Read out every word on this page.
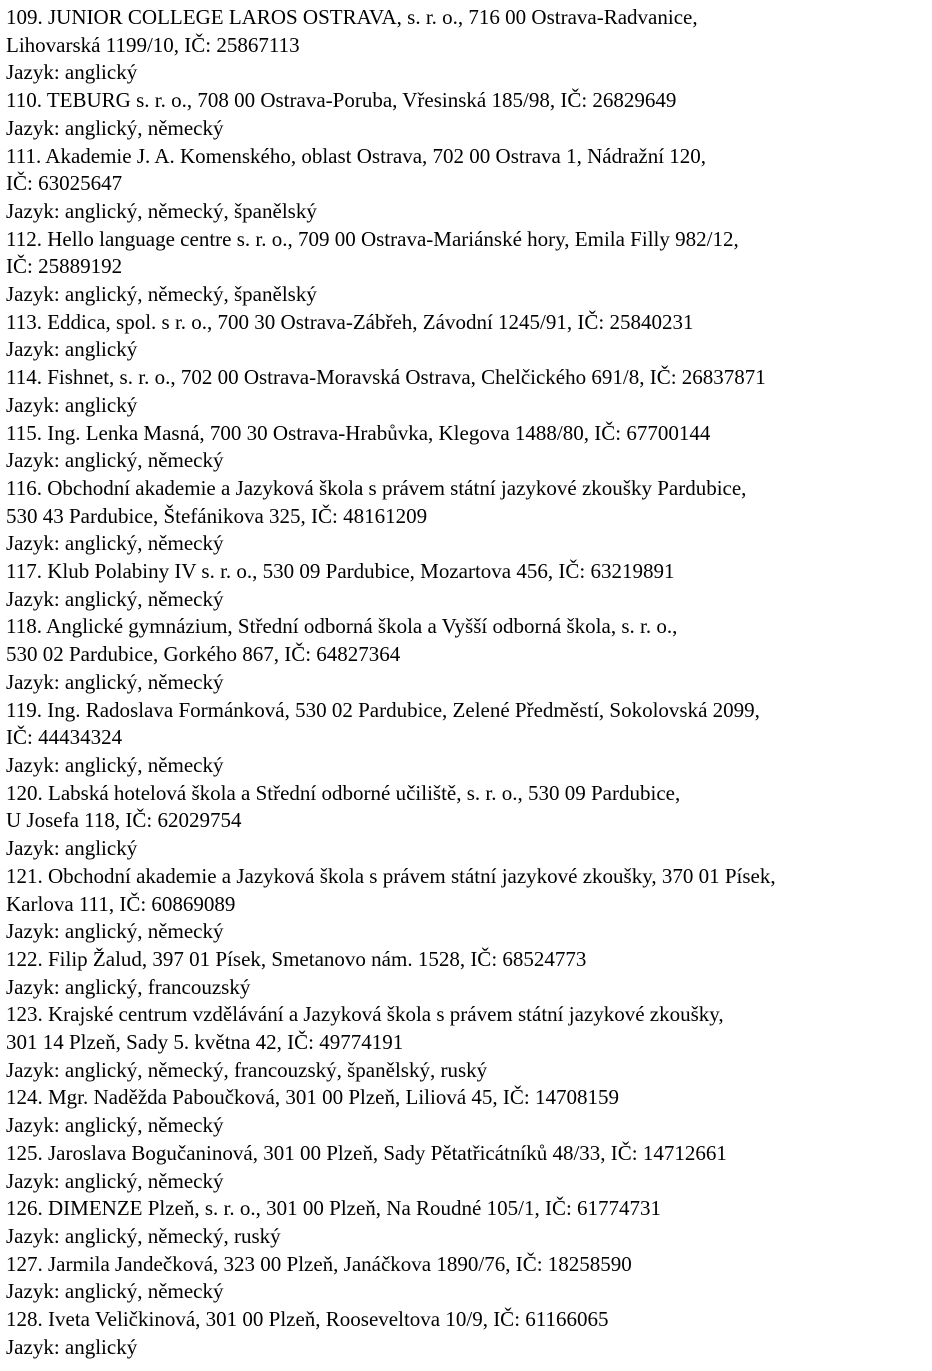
109. JUNIOR COLLEGE LAROS OSTRAVA, s. r. o., 716 00 Ostrava-Radvanice,
Lihovarská 1199/10, IČ: 25867113
Jazyk: anglický
110. TEBURG s. r. o., 708 00 Ostrava-Poruba, Vřesinská 185/98, IČ: 26829649
Jazyk: anglický, německý
111. Akademie J. A. Komenského, oblast Ostrava, 702 00 Ostrava 1, Nádražní 120,
IČ: 63025647
Jazyk: anglický, německý, španělský
112. Hello language centre s. r. o., 709 00 Ostrava-Mariánské hory, Emila Filly 982/12,
IČ: 25889192
Jazyk: anglický, německý, španělský
113. Eddica, spol. s r. o., 700 30 Ostrava-Zábřeh, Závodní 1245/91, IČ: 25840231
Jazyk: anglický
114. Fishnet, s. r. o., 702 00 Ostrava-Moravská Ostrava, Chelčického 691/8, IČ: 26837871
Jazyk: anglický
115. Ing. Lenka Masná, 700 30 Ostrava-Hrabůvka, Klegova 1488/80, IČ: 67700144
Jazyk: anglický, německý
116. Obchodní akademie a Jazyková škola s právem státní jazykové zkoušky Pardubice,
530 43 Pardubice, Štefánikova 325, IČ: 48161209
Jazyk: anglický, německý
117. Klub Polabiny IV s. r. o., 530 09 Pardubice, Mozartova 456, IČ: 63219891
Jazyk: anglický, německý
118. Anglické gymnázium, Střední odborná škola a Vyšší odborná škola, s. r. o.,
530 02 Pardubice, Gorkého 867, IČ: 64827364
Jazyk: anglický, německý
119. Ing. Radoslava Formánková, 530 02 Pardubice, Zelené Předměstí, Sokolovská 2099,
IČ: 44434324
Jazyk: anglický, německý
120. Labská hotelová škola a Střední odborné učiliště, s. r. o., 530 09 Pardubice,
U Josefa 118, IČ: 62029754
Jazyk: anglický
121. Obchodní akademie a Jazyková škola s právem státní jazykové zkoušky, 370 01 Písek,
Karlova 111, IČ: 60869089
Jazyk: anglický, německý
122. Filip Žalud, 397 01 Písek, Smetanovo nám. 1528, IČ: 68524773
Jazyk: anglický, francouzský
123. Krajské centrum vzdělávání a Jazyková škola s právem státní jazykové zkoušky,
301 14 Plzeň, Sady 5. května 42, IČ: 49774191
Jazyk: anglický, německý, francouzský, španělský, ruský
124. Mgr. Naděžda Paboučková, 301 00 Plzeň, Liliová 45, IČ: 14708159
Jazyk: anglický, německý
125. Jaroslava Bogučaninová, 301 00 Plzeň, Sady Pětatřicátníků 48/33, IČ: 14712661
Jazyk: anglický, německý
126. DIMENZE Plzeň, s. r. o., 301 00 Plzeň, Na Roudné 105/1, IČ: 61774731
Jazyk: anglický, německý, ruský
127. Jarmila Jandečková, 323 00 Plzeň, Janáčkova 1890/76, IČ: 18258590
Jazyk: anglický, německý
128. Iveta Veličkinová, 301 00 Plzeň, Rooseveltova 10/9, IČ: 61166065
Jazyk: anglický
